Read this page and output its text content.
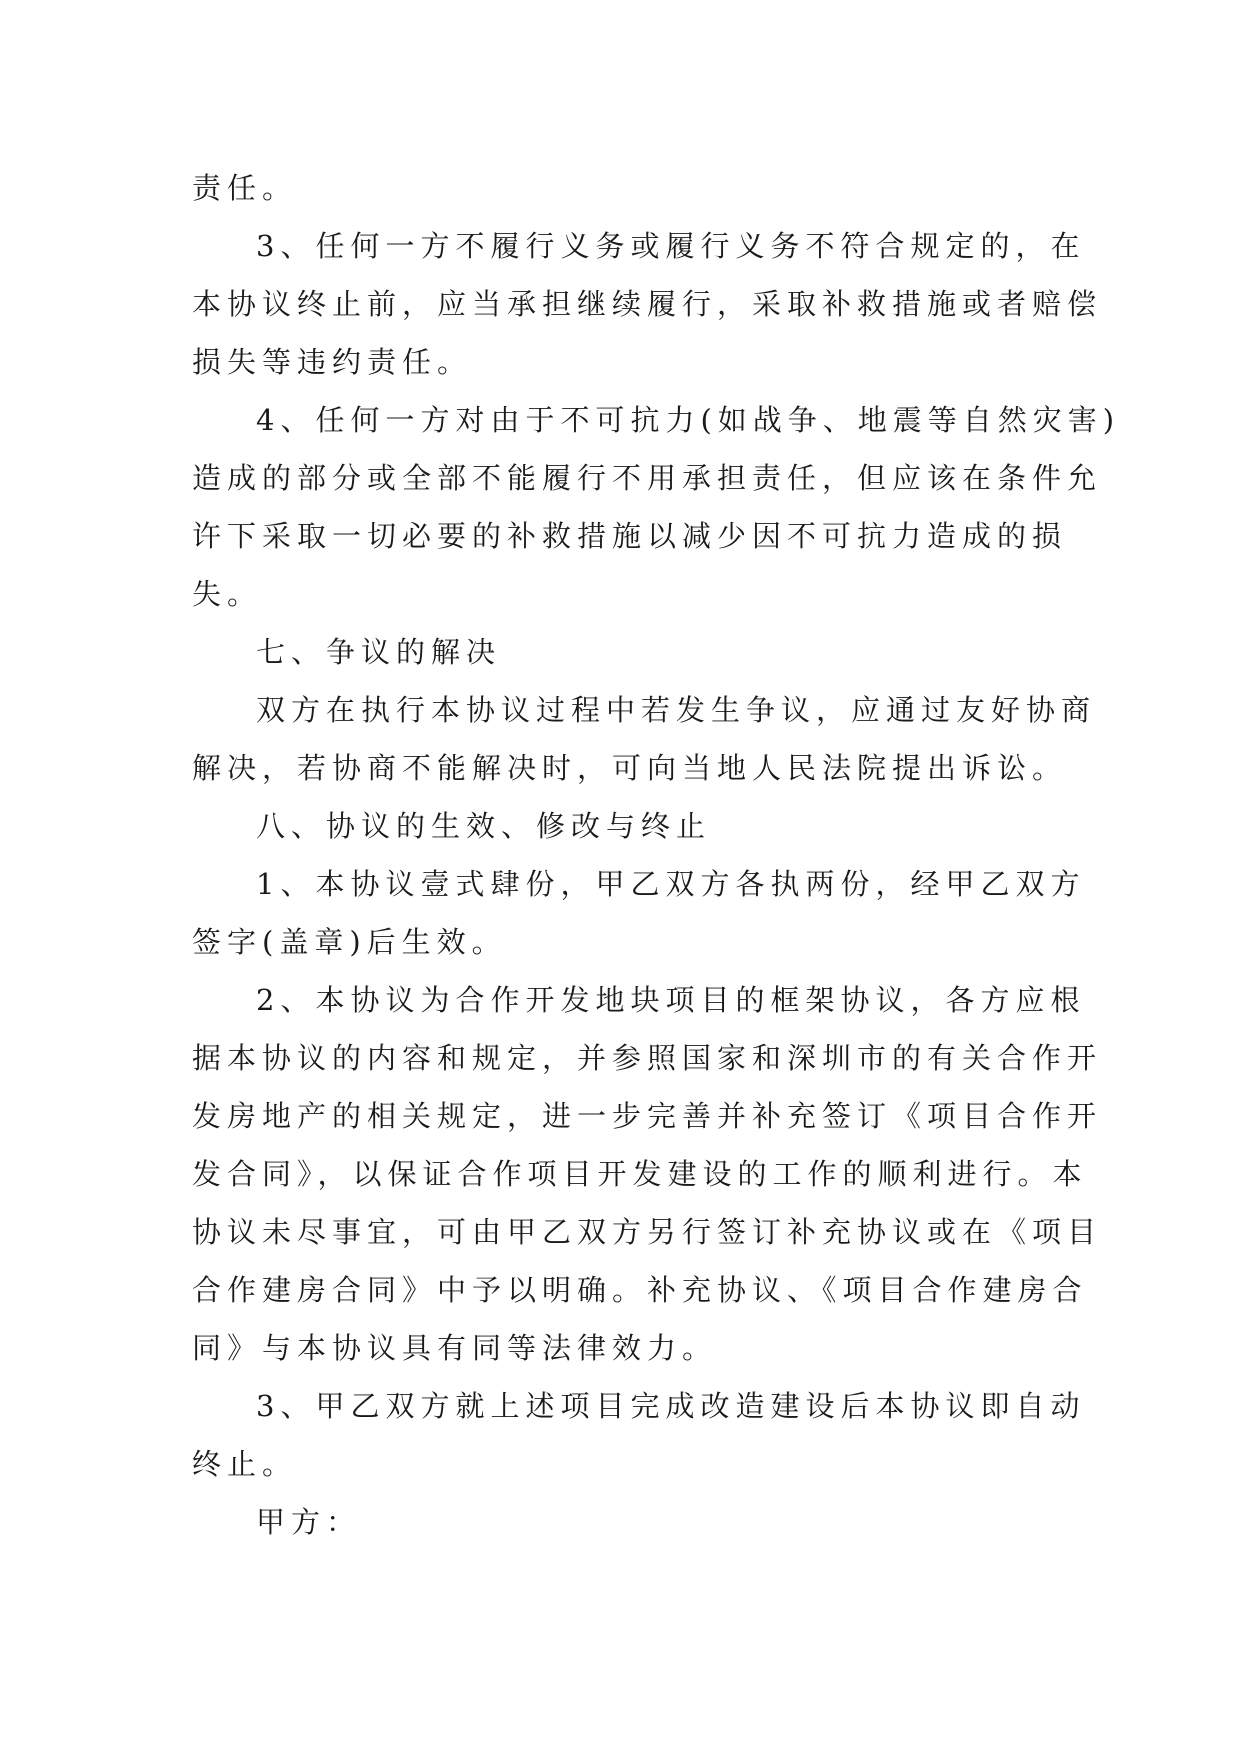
责任。
3、任何一方不履行义务或履行义务不符合规定的，在
本协议终止前，应当承担继续履行，采取补救措施或者赔偿
损失等违约责任。
4、任何一方对由于不可抗力(如战争、地震等自然灾害)
造成的部分或全部不能履行不用承担责任，但应该在条件允
许下采取一切必要的补救措施以减少因不可抗力造成的损
失。
七、争议的解决
双方在执行本协议过程中若发生争议，应通过友好协商
解决，若协商不能解决时，可向当地人民法院提出诉讼。
八、协议的生效、修改与终止
1、本协议壹式肆份，甲乙双方各执两份，经甲乙双方
签字(盖章)后生效。
2、本协议为合作开发地块项目的框架协议，各方应根
据本协议的内容和规定，并参照国家和深圳市的有关合作开
发房地产的相关规定，进一步完善并补充签订《项目合作开
发合同》，以保证合作项目开发建设的工作的顺利进行。本
协议未尽事宜，可由甲乙双方另行签订补充协议或在《项目
合作建房合同》中予以明确。补充协议、《项目合作建房合
同》与本协议具有同等法律效力。
3、甲乙双方就上述项目完成改造建设后本协议即自动
终止。
甲方：
